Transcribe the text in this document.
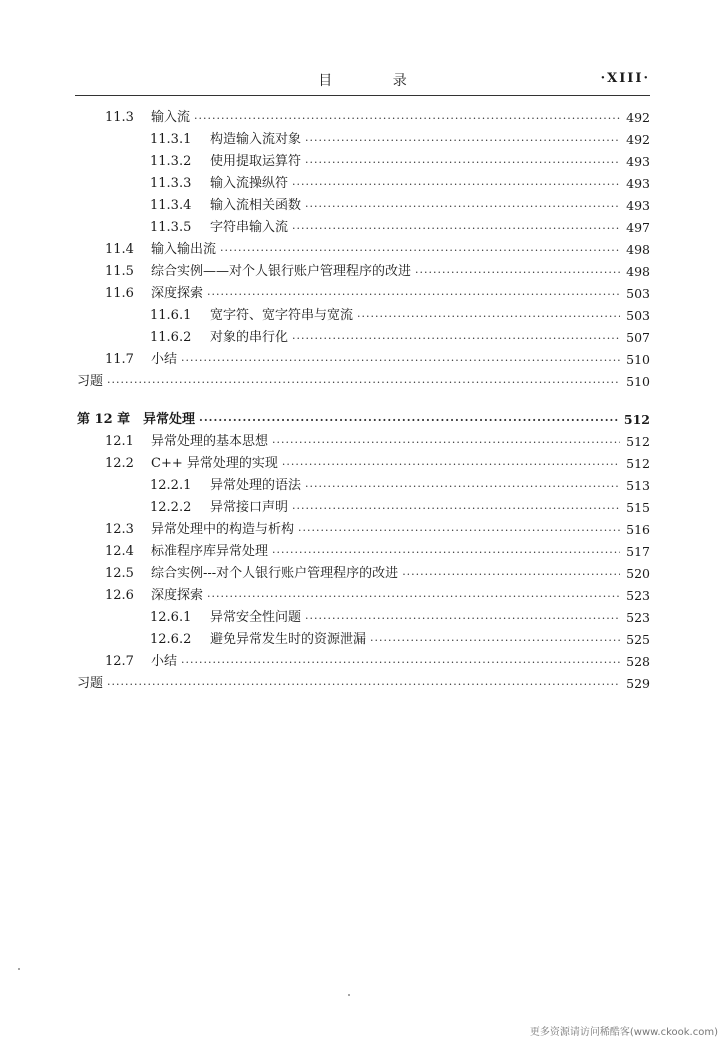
目 录	·XIII·
11.3	输入流 ·····	492
11.3.1	构造输入流对象 ·····	492
11.3.2	使用提取运算符 ·····	493
11.3.3	输入流操纵符 ·····	493
11.3.4	输入流相关函数 ·····	493
11.3.5	字符串输入流 ·····	497
11.4	输入输出流 ·····	498
11.5	综合实例——对个人银行账户管理程序的改进 ·····	498
11.6	深度探索 ·····	503
11.6.1	宽字符、宽字符串与宽流 ·····	503
11.6.2	对象的串行化 ·····	507
11.7	小结 ·····	510
习题 ·····	510
第 12 章 异常处理 ·····	512
12.1	异常处理的基本思想 ·····	512
12.2	C++ 异常处理的实现 ·····	512
12.2.1	异常处理的语法 ·····	513
12.2.2	异常接口声明 ·····	515
12.3	异常处理中的构造与析构 ·····	516
12.4	标准程序库异常处理 ·····	517
12.5	综合实例---对个人银行账户管理程序的改进 ·····	520
12.6	深度探索 ·····	523
12.6.1	异常安全性问题 ·····	523
12.6.2	避免异常发生时的资源泄漏 ·····	525
12.7	小结 ·····	528
习题 ·····	529
更多资源请访问稀酷客(www.ckook.com)
